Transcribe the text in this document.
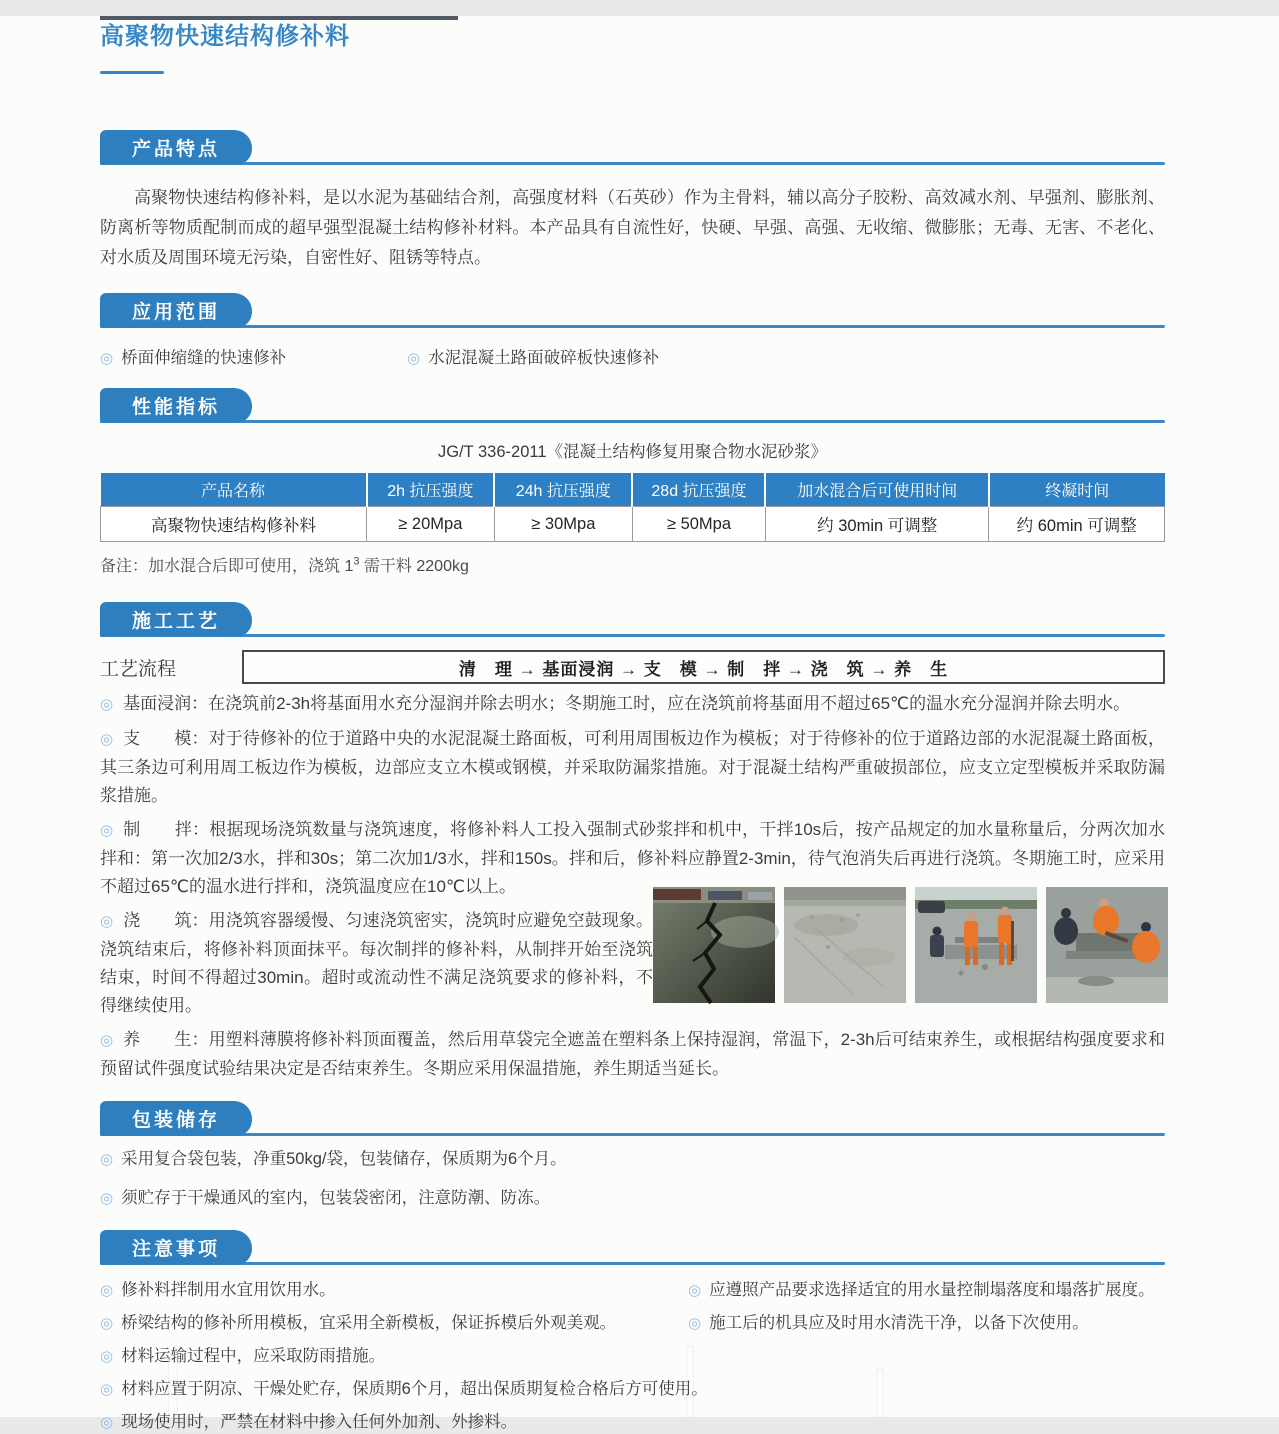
高聚物快速结构修补料
产品特点

高聚物快速结构修补料，是以水泥为基础结合剂，高强度材料（石英砂）作为主骨料，辅以高分子胶粉、高效减水剂、早强剂、膨胀剂、防离析等物质配制而成的超早强型混凝土结构修补材料。本产品具有自流性好，快硬、早强、高强、无收缩、微膨胀；无毒、无害、不老化、对水质及周围环境无污染，自密性好、阻锈等特点。

应用范围
◎ 桥面伸缩缝的快速修补	◎ 水泥混凝土路面破碎板快速修补
性能指标
JG/T 336-2011《混凝土结构修复用聚合物水泥砂浆》
产品名称	2h 抗压强度	24h 抗压强度	28d 抗压强度	加水混合后可使用时间	终凝时间
高聚物快速结构修补料	≥ 20Mpa	≥ 30Mpa	≥ 50Mpa	约 30min 可调整	约 60min 可调整
备注：加水混合后即可使用，浇筑 $1^3$ 需干料 2200kg
施工工艺
工艺流程	清　理 → 基面浸润 → 支　模 → 制　拌 → 浇　筑 → 养　生

◎ 基面浸润：在浇筑前2-3h将基面用水充分湿润并除去明水；冬期施工时，应在浇筑前将基面用不超过65℃的温水充分湿润并除去明水。

◎ 支　　模：对于待修补的位于道路中央的水泥混凝土路面板，可利用周围板边作为模板；对于待修补的位于道路边部的水泥混凝土路面板，其三条边可利用周工板边作为模板，边部应支立木模或钢模，并采取防漏浆措施。对于混凝土结构严重破损部位，应支立定型模板并采取防漏浆措施。

◎ 制　　拌：根据现场浇筑数量与浇筑速度，将修补料人工投入强制式砂浆拌和机中，干拌10s后，按产品规定的加水量称量后，分两次加水拌和：第一次加2/3水，拌和30s；第二次加1/3水，拌和150s。拌和后，修补料应静置2-3min，待气泡消失后再进行浇筑。冬期施工时，应采用不超过65℃的温水进行拌和，浇筑温度应在10℃以上。

◎ 浇　　筑：用浇筑容器缓慢、匀速浇筑密实，浇筑时应避免空鼓现象。浇筑结束后，将修补料顶面抹平。每次制拌的修补料，从制拌开始至浇筑结束，时间不得超过30min。超时或流动性不满足浇筑要求的修补料，不得继续使用。

◎ 养　　生：用塑料薄膜将修补料顶面覆盖，然后用草袋完全遮盖在塑料条上保持湿润，常温下，2-3h后可结束养生，或根据结构强度要求和预留试件强度试验结果决定是否结束养生。冬期应采用保温措施，养生期适当延长。

包装储存
◎ 采用复合袋包装，净重50kg/袋，包装储存，保质期为6个月。
◎ 须贮存于干燥通风的室内，包装袋密闭，注意防潮、防冻。
注意事项
◎ 修补料拌制用水宜用饮用水。	◎ 应遵照产品要求选择适宜的用水量控制塌落度和塌落扩展度。
◎ 桥梁结构的修补所用模板，宜采用全新模板，保证拆模后外观美观。	◎ 施工后的机具应及时用水清洗干净，以备下次使用。
◎ 材料运输过程中，应采取防雨措施。
◎ 材料应置于阴凉、干燥处贮存，保质期6个月，超出保质期复检合格后方可使用。
◎ 现场使用时，严禁在材料中掺入任何外加剂、外掺料。
